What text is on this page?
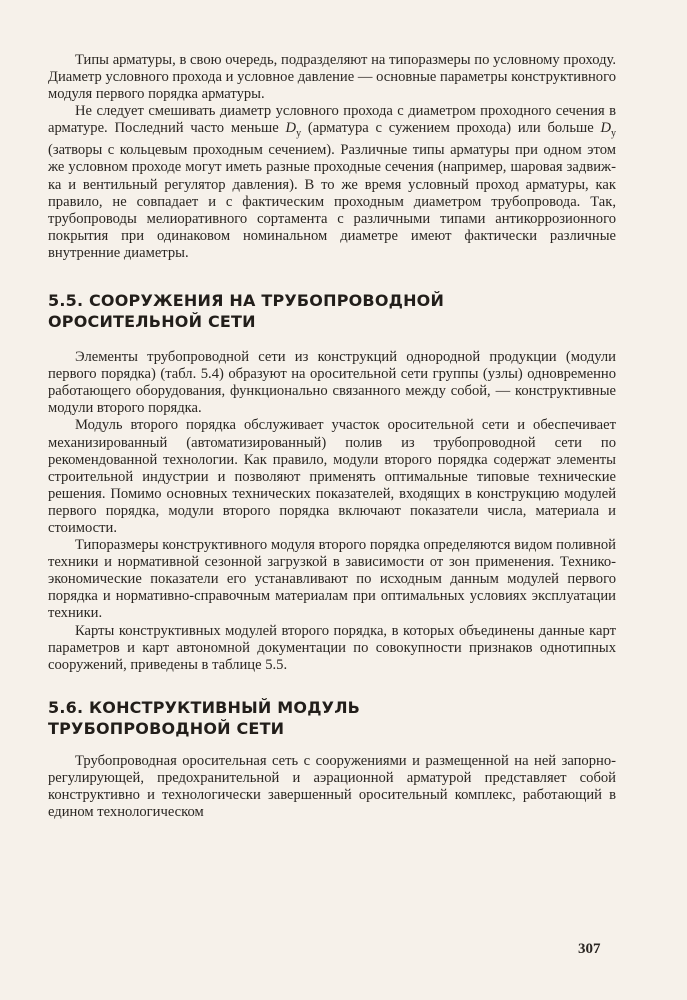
Типы арматуры, в свою очередь, подразделяют на типоразмеры по условному проходу. Диаметр условного прохода и условное давление — основные параметры конструктивного модуля первого порядка арматуры.

Не следует смешивать диаметр условного прохода с диаметром проходного сечения в арматуре. Последний часто меньше $D_y$ (арматура с сужением прохода) или больше $D_y$ (затворы с кольцевым проходным сечением). Различные типы арматуры при одном этом же условном проходе могут иметь разные проходные сечения (например, шаровая задвижка и вентильный регулятор давления). В то же время условный проход арматуры, как правило, не совпадает и с фактическим проходным диаметром трубопровода. Так, трубопроводы мелиоративного сортамента с различными типами антикоррозионного покрытия при одинаковом номинальном диаметре имеют фактически различные внутренние диаметры.

5.5. СООРУЖЕНИЯ НА ТРУБОПРОВОДНОЙ
ОРОСИТЕЛЬНОЙ СЕТИ

Элементы трубопроводной сети из конструкций однородной продукции (модули первого порядка) (табл. 5.4) образуют на оросительной сети группы (узлы) одновременно работающего оборудования, функционально связанного между собой, — конструктивные модули второго порядка.

Модуль второго порядка обслуживает участок оросительной сети и обеспечивает механизированный (автоматизированный) полив из трубопроводной сети по рекомендованной технологии. Как правило, модули второго порядка содержат элементы строительной индустрии и позволяют применять оптимальные типовые технические решения. Помимо основных технических показателей, входящих в конструкцию модулей первого порядка, модули второго порядка включают показатели числа, материала и стоимости.

Типоразмеры конструктивного модуля второго порядка определяются видом поливной техники и нормативной сезонной загрузкой в зависимости от зон применения. Технико-экономические показатели его устанавливают по исходным данным модулей первого порядка и нормативно-справочным материалам при оптимальных условиях эксплуатации техники.

Карты конструктивных модулей второго порядка, в которых объединены данные карт параметров и карт автономной документации по совокупности признаков однотипных сооружений, приведены в таблице 5.5.

5.6. КОНСТРУКТИВНЫЙ МОДУЛЬ
ТРУБОПРОВОДНОЙ СЕТИ

Трубопроводная оросительная сеть с сооружениями и размещенной на ней запорно-регулирующей, предохранительной и аэрационной арматурой представляет собой конструктивно и технологически завершенный оросительный комплекс, работающий в едином технологическом

307
